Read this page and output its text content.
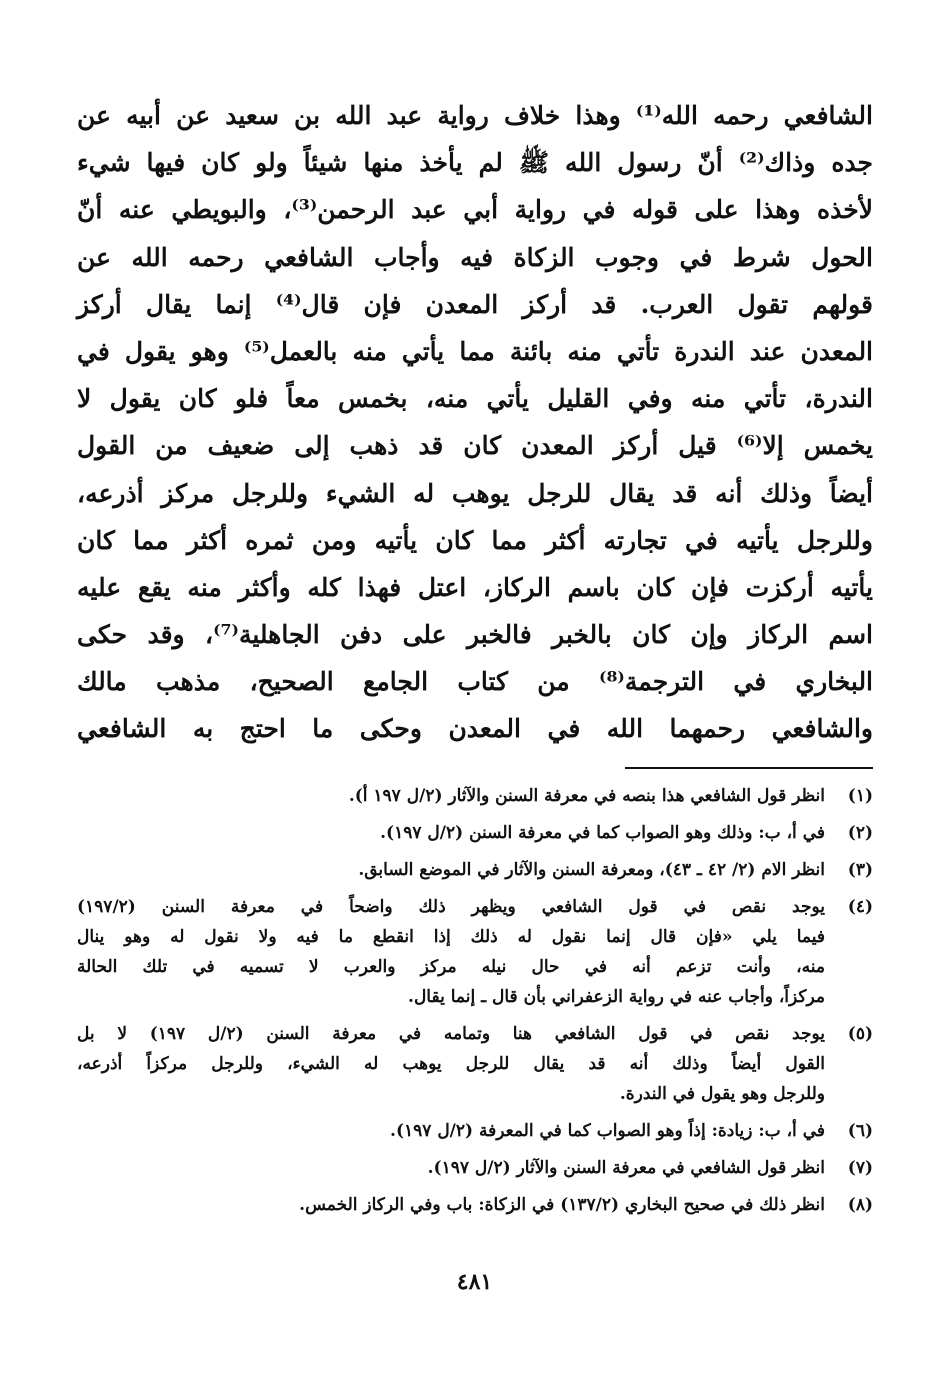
الشافعي رحمه الله⁽¹⁾ وهذا خلاف رواية عبد الله بن سعيد عن أبيه عن
جده وذاك⁽²⁾ أنّ رسول الله ﷺ لم يأخذ منها شيئاً ولو كان فيها شيء
لأخذه وهذا على قوله في رواية أبي عبد الرحمن⁽³⁾، والبويطي عنه أنّ
الحول شرط في وجوب الزكاة فيه وأجاب الشافعي رحمه الله عن
قولهم تقول العرب. قد أركز المعدن فإن قال⁽⁴⁾ إنما يقال أركز
المعدن عند الندرة تأتي منه بائنة مما يأتي منه بالعمل⁽⁵⁾ وهو يقول في
الندرة، تأتي منه وفي القليل يأتي منه، بخمس معاً فلو كان يقول لا
يخمس إلا⁽⁶⁾ قيل أركز المعدن كان قد ذهب إلى ضعيف من القول
أيضاً وذلك أنه قد يقال للرجل يوهب له الشيء وللرجل مركز أذرعه،
وللرجل يأتيه في تجارته أكثر مما كان يأتيه ومن ثمره أكثر مما كان
يأتيه أركزت فإن كان باسم الركاز، اعتل فهذا كله وأكثر منه يقع عليه
اسم الركاز وإن كان بالخبر فالخبر على دفن الجاهلية⁽⁷⁾، وقد حكى
البخاري في الترجمة⁽⁸⁾ من كتاب الجامع الصحيح، مذهب مالك
والشافعي رحمهما الله في المعدن وحكى ما احتج به الشافعي
(١)
انظر قول الشافعي هذا بنصه في معرفة السنن والآثار (٢/ل ١٩٧ أ).
(٢)
في أ، ب: وذلك وهو الصواب كما في معرفة السنن (٢/ل ١٩٧).
(٣)
انظر الام (٢/ ٤٢ ـ ٤٣)، ومعرفة السنن والآثار في الموضع السابق.
(٤)
يوجد نقص في قول الشافعي ويظهر ذلك واضحاً في معرفة السنن (١٩٧/٢)
فيما يلي «فإن قال إنما نقول له ذلك إذا انقطع ما فيه ولا نقول له وهو ينال
منه، وأنت تزعم أنه في حال نيله مركز والعرب لا تسميه في تلك الحالة
مركزاً، وأجاب عنه في رواية الزعفراني بأن قال ـ إنما يقال.
(٥)
يوجد نقص في قول الشافعي هنا وتمامه في معرفة السنن (٢/ل ١٩٧) لا بل
القول أيضاً وذلك أنه قد يقال للرجل يوهب له الشيء، وللرجل مركزاً أذرعه،
وللرجل وهو يقول في الندرة.
(٦)
في أ، ب: زيادة: إذاً وهو الصواب كما في المعرفة (٢/ل ١٩٧).
(٧)
انظر قول الشافعي في معرفة السنن والآثار (٢/ل ١٩٧).
(٨)
انظر ذلك في صحيح البخاري (١٣٧/٢) في الزكاة: باب وفي الركاز الخمس.
٤٨١
